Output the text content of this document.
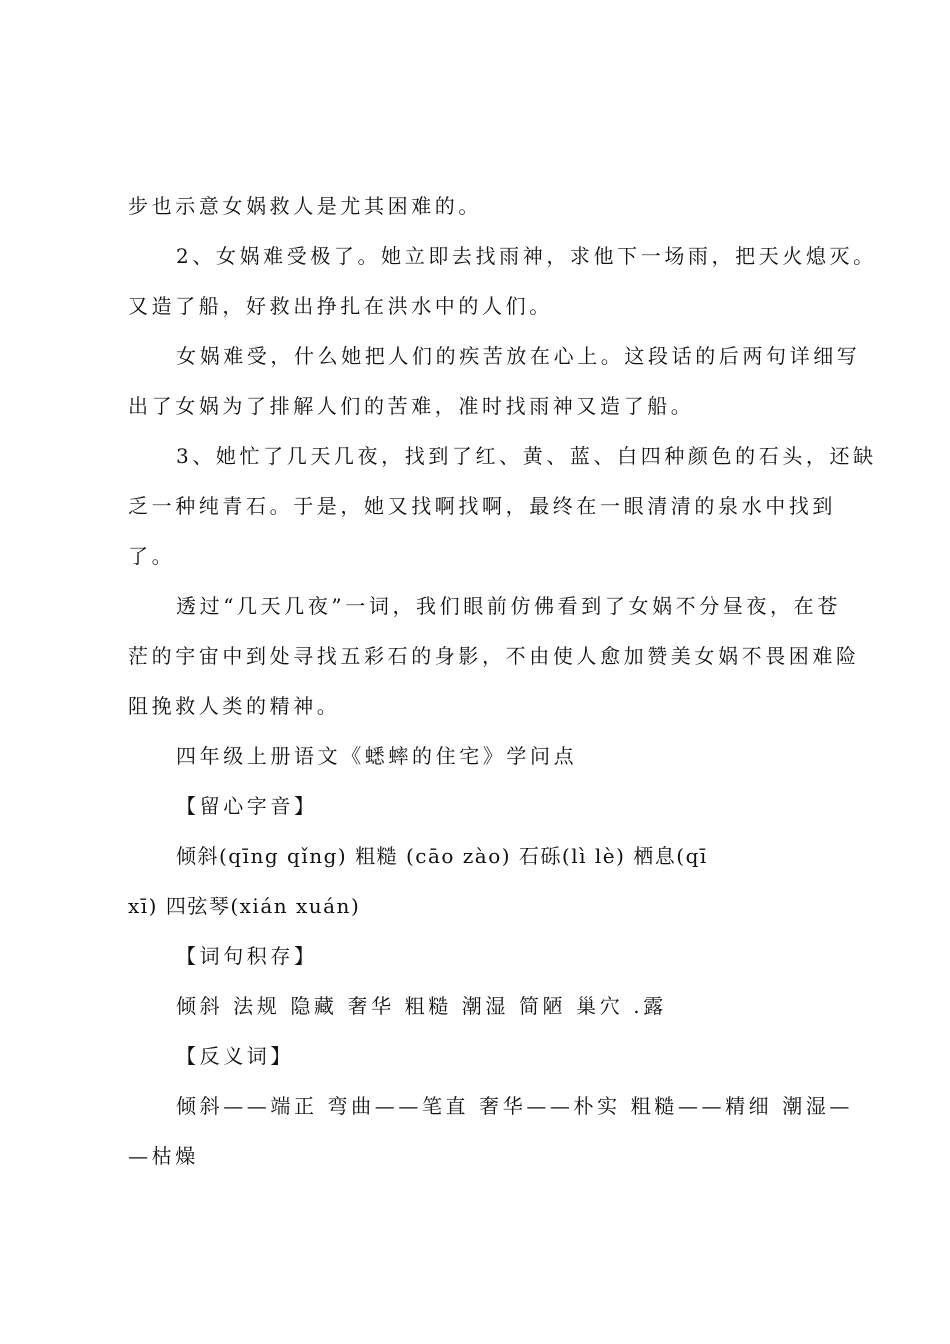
步也示意女娲救人是尤其困难的。
2、女娲难受极了。她立即去找雨神，求他下一场雨，把天火熄灭。
又造了船，好救出挣扎在洪水中的人们。
女娲难受，什么她把人们的疾苦放在心上。这段话的后两句详细写
出了女娲为了排解人们的苦难，准时找雨神又造了船。
3、她忙了几天几夜，找到了红、黄、蓝、白四种颜色的石头，还缺
乏一种纯青石。于是，她又找啊找啊，最终在一眼清清的泉水中找到
了。
透过“几天几夜”一词，我们眼前仿佛看到了女娲不分昼夜，在苍
茫的宇宙中到处寻找五彩石的身影，不由使人愈加赞美女娲不畏困难险
阻挽救人类的精神。
四年级上册语文《蟋蟀的住宅》学问点
【留心字音】
倾斜(qīng qǐng) 粗糙 (cāo zào) 石砾(lì lè) 栖息(qī
xī) 四弦琴(xián xuán)
【词句积存】
倾斜 法规 隐藏 奢华 粗糙 潮湿 简陋 巢穴 .露
【反义词】
倾斜——端正 弯曲——笔直 奢华——朴实 粗糙——精细 潮湿—
—枯燥
